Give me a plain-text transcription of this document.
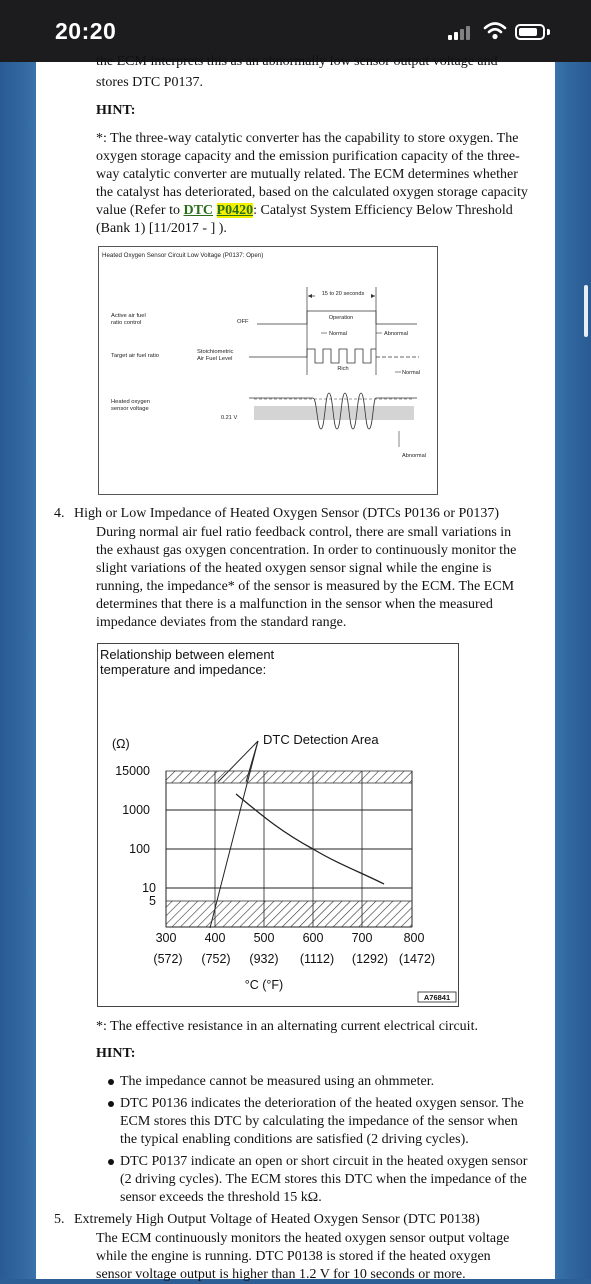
20:20
the ECM interprets this as an abnormally low sensor output voltage and
stores DTC P0137.
HINT:
*: The three-way catalytic converter has the capability to store oxygen. The
oxygen storage capacity and the emission purification capacity of the three-
way catalytic converter are mutually related. The ECM determines whether
the catalyst has deteriorated, based on the calculated oxygen storage capacity
value (Refer to DTC P0420: Catalyst System Efficiency Below Threshold
(Bank 1) [11/2017 - ] ).
Heated Oxygen Sensor Circuit Low Voltage (P0137: Open)
15 to 20 seconds
Active air fuel
ratio control	OFF
Operation
Normal	Abnormal
Target air fuel ratio
Stoichiometric
Air Fuel Level
Rich
Normal
Heated oxygen
sensor voltage
0.21 V
Abnormal
4. High or Low Impedance of Heated Oxygen Sensor (DTCs P0136 or P0137)
During normal air fuel ratio feedback control, there are small variations in
the exhaust gas oxygen concentration. In order to continuously monitor the
slight variations of the heated oxygen sensor signal while the engine is
running, the impedance* of the sensor is measured by the ECM. The ECM
determines that there is a malfunction in the sensor when the measured
impedance deviates from the standard range.
Relationship between element
temperature and impedance:
(Ω)	DTC Detection Area
15000
1000
100
10
5
300 400 500 600 700 800
(572) (752) (932) (1112) (1292) (1472)
°C (°F)
A76841
*: The effective resistance in an alternating current electrical circuit.
HINT:
The impedance cannot be measured using an ohmmeter.
DTC P0136 indicates the deterioration of the heated oxygen sensor. The
ECM stores this DTC by calculating the impedance of the sensor when
the typical enabling conditions are satisfied (2 driving cycles).
DTC P0137 indicate an open or short circuit in the heated oxygen sensor
(2 driving cycles). The ECM stores this DTC when the impedance of the
sensor exceeds the threshold 15 kΩ.
5. Extremely High Output Voltage of Heated Oxygen Sensor (DTC P0138)
The ECM continuously monitors the heated oxygen sensor output voltage
while the engine is running. DTC P0138 is stored if the heated oxygen
sensor voltage output is higher than 1.2 V for 10 seconds or more.
